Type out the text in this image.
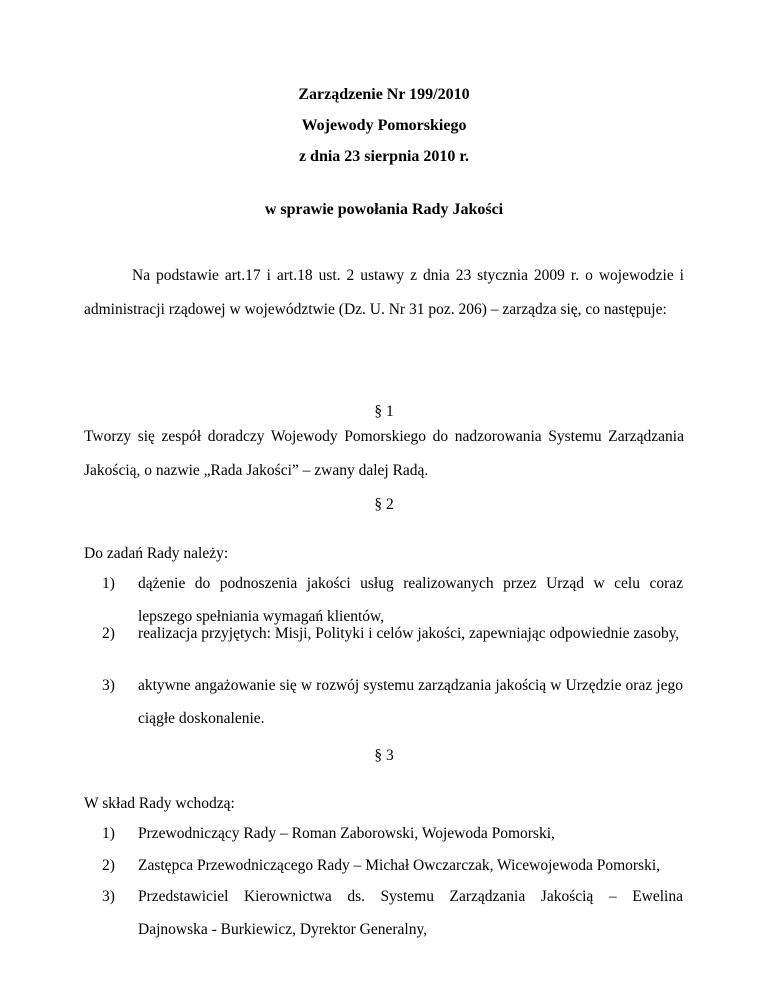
Zarządzenie Nr 199/2010
Wojewody Pomorskiego
z dnia 23 sierpnia 2010 r.
w sprawie powołania Rady Jakości
Na podstawie art.17 i art.18 ust. 2 ustawy z dnia 23 stycznia 2009 r. o wojewodzie i administracji rządowej w województwie (Dz. U. Nr 31 poz. 206) – zarządza się, co następuje:
§ 1
Tworzy się zespół doradczy Wojewody Pomorskiego do nadzorowania Systemu Zarządzania Jakością, o nazwie „Rada Jakości” – zwany dalej Radą.
§ 2
Do zadań Rady należy:
1) dążenie do podnoszenia jakości usług realizowanych przez Urząd w celu coraz lepszego spełniania wymagań klientów,
2) realizacja przyjętych: Misji, Polityki i celów jakości, zapewniając odpowiednie zasoby,
3) aktywne angażowanie się w rozwój systemu zarządzania jakością w Urzędzie oraz jego ciągłe doskonalenie.
§ 3
W skład Rady wchodzą:
1) Przewodniczący Rady – Roman Zaborowski, Wojewoda Pomorski,
2) Zastępca Przewodniczącego Rady – Michał Owczarczak, Wicewojewoda Pomorski,
3) Przedstawiciel Kierownictwa ds. Systemu Zarządzania Jakością – Ewelina
Dajnowska - Burkiewicz, Dyrektor Generalny,
